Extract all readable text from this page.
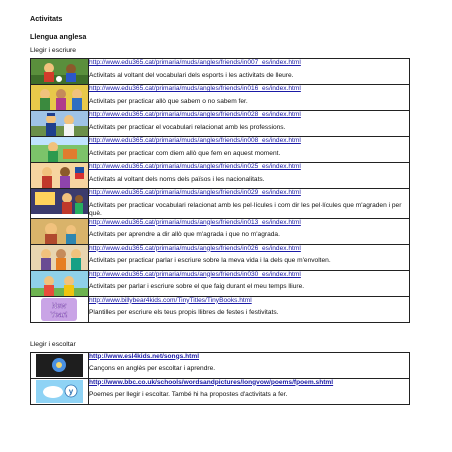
Activitats
Llengua anglesa
Llegir i escriure

http://www.edu365.cat/primaria/muds/angles/friends/in007_es/index.html
Activitats al voltant del vocabulari dels esports i les activitats de lleure.

http://www.edu365.cat/primaria/muds/angles/friends/in016_es/index.html
Activitats per practicar allò que sabem o no sabem fer.

http://www.edu365.cat/primaria/muds/angles/friends/in028_es/index.html
Activitats per practicar el vocabulari relacionat amb les professions.

http://www.edu365.cat/primaria/muds/angles/friends/in008_es/index.html
Activitats per practicar com diem allò que fem en aquest moment.

http://www.edu365.cat/primaria/muds/angles/friends/in025_es/index.html
Activitats al voltant dels noms dels països i les nacionalitats.

http://www.edu365.cat/primaria/muds/angles/friends/in029_es/index.html
Activitats per practicar vocabulari relacionat amb les pel·lícules i com dir les pel·lícules que m'agraden i per què.

http://www.edu365.cat/primaria/muds/angles/friends/in013_es/index.html
Activitats per aprendre a dir allò que m'agrada i que no m'agrada.

http://www.edu365.cat/primaria/muds/angles/friends/in026_es/index.html
Activitats per practicar parlar i escriure sobre la meva vida i la dels que m'envolten.

http://www.edu365.cat/primaria/muds/angles/friends/in030_es/index.html
Activitats per parlar i escriure sobre el que faig durant el meu temps lliure.

New
Year!	http://www.billybear4kids.com/TinyTitles/TinyBooks.html
Plantilles per escriure els teus propis llibres de festes i festivitats.
Llegir i escoltar

http://www.esl4kids.net/songs.html
Cançons en anglès per escoltar i aprendre.

y	http://www.bbc.co.uk/schools/wordsandpictures/longvow/poems/fpoem.shtml
Poemes per llegir i escoltar. També hi ha propostes d'activitats a fer.
